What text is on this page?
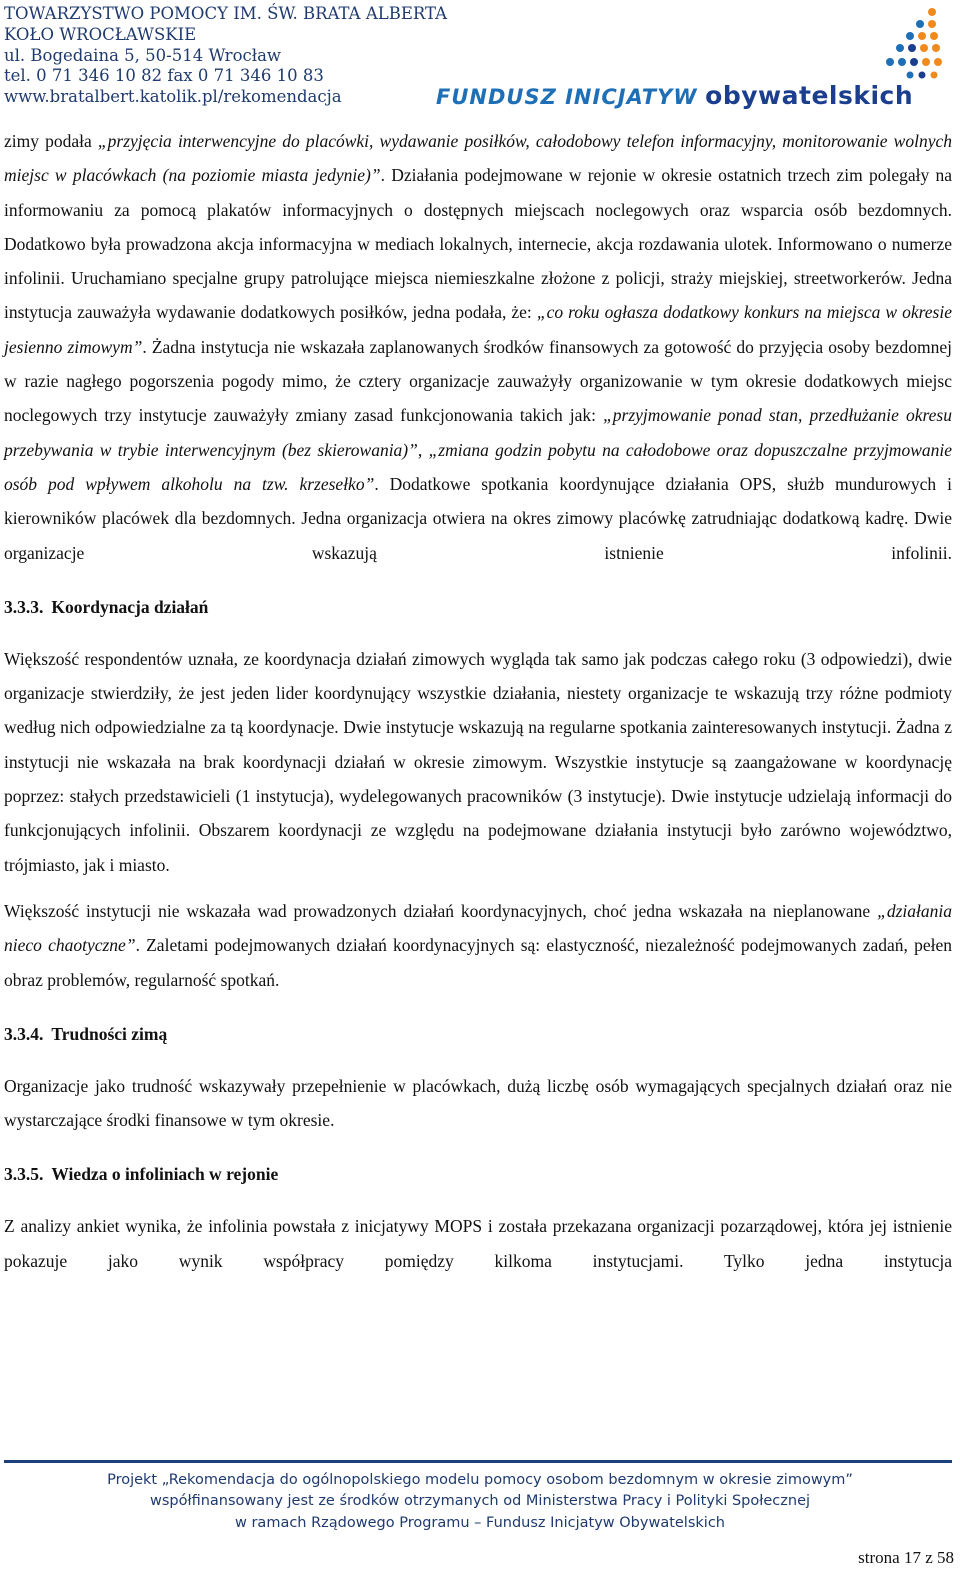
TOWARZYSTWO POMOCY IM. ŚW. BRATA ALBERTA
KOŁO WROCŁAWSKIE
ul. Bogedaina 5, 50-514 Wrocław
tel. 0 71 346 10 82 fax 0 71 346 10 83
www.bratalbert.katolik.pl/rekomendacja	FUNDUSZ INICJATYW obywatelskich

zimy podała „przyjęcia interwencyjne do placówki, wydawanie posiłków, całodobowy telefon informacyjny, monitorowanie wolnych miejsc w placówkach (na poziomie miasta jedynie)”. Działania podejmowane w rejonie w okresie ostatnich trzech zim polegały na informowaniu za pomocą plakatów informacyjnych o dostępnych miejscach noclegowych oraz wsparcia osób bezdomnych. Dodatkowo była prowadzona akcja informacyjna w mediach lokalnych, internecie, akcja rozdawania ulotek. Informowano o numerze infolinii. Uruchamiano specjalne grupy patrolujące miejsca niemieszkalne złożone z policji, straży miejskiej, streetworkerów. Jedna instytucja zauważyła wydawanie dodatkowych posiłków, jedna podała, że: „co roku ogłasza dodatkowy konkurs na miejsca w okresie jesienno zimowym”. Żadna instytucja nie wskazała zaplanowanych środków finansowych za gotowość do przyjęcia osoby bezdomnej w razie nagłego pogorszenia pogody mimo, że cztery organizacje zauważyły organizowanie w tym okresie dodatkowych miejsc noclegowych trzy instytucje zauważyły zmiany zasad funkcjonowania takich jak: „przyjmowanie ponad stan, przedłużanie okresu przebywania w trybie interwencyjnym (bez skierowania)”, „zmiana godzin pobytu na całodobowe oraz dopuszczalne przyjmowanie osób pod wpływem alkoholu na tzw. krzesełko”. Dodatkowe spotkania koordynujące działania OPS, służb mundurowych i kierowników placówek dla bezdomnych. Jedna organizacja otwiera na okres zimowy placówkę zatrudniając dodatkową kadrę. Dwie organizacje wskazują istnienie infolinii.

3.3.3. Koordynacja działań

Większość respondentów uznała, ze koordynacja działań zimowych wygląda tak samo jak podczas całego roku (3 odpowiedzi), dwie organizacje stwierdziły, że jest jeden lider koordynujący wszystkie działania, niestety organizacje te wskazują trzy różne podmioty według nich odpowiedzialne za tą koordynacje. Dwie instytucje wskazują na regularne spotkania zainteresowanych instytucji. Żadna z instytucji nie wskazała na brak koordynacji działań w okresie zimowym. Wszystkie instytucje są zaangażowane w koordynację poprzez: stałych przedstawicieli (1 instytucja), wydelegowanych pracowników (3 instytucje). Dwie instytucje udzielają informacji do funkcjonujących infolinii. Obszarem koordynacji ze względu na podejmowane działania instytucji było zarówno województwo, trójmiasto, jak i miasto.

Większość instytucji nie wskazała wad prowadzonych działań koordynacyjnych, choć jedna wskazała na nieplanowane „działania nieco chaotyczne”. Zaletami podejmowanych działań koordynacyjnych są: elastyczność, niezależność podejmowanych zadań, pełen obraz problemów, regularność spotkań.

3.3.4. Trudności zimą

Organizacje jako trudność wskazywały przepełnienie w placówkach, dużą liczbę osób wymagających specjalnych działań oraz nie wystarczające środki finansowe w tym okresie.

3.3.5. Wiedza o infoliniach w rejonie

Z analizy ankiet wynika, że infolinia powstała z inicjatywy MOPS i została przekazana organizacji pozarządowej, która jej istnienie pokazuje jako wynik współpracy pomiędzy kilkoma instytucjami. Tylko jedna instytucja

Projekt „Rekomendacja do ogólnopolskiego modelu pomocy osobom bezdomnym w okresie zimowym”
współfinansowany jest ze środków otrzymanych od Ministerstwa Pracy i Polityki Społecznej
w ramach Rządowego Programu – Fundusz Inicjatyw Obywatelskich
strona 17 z 58
